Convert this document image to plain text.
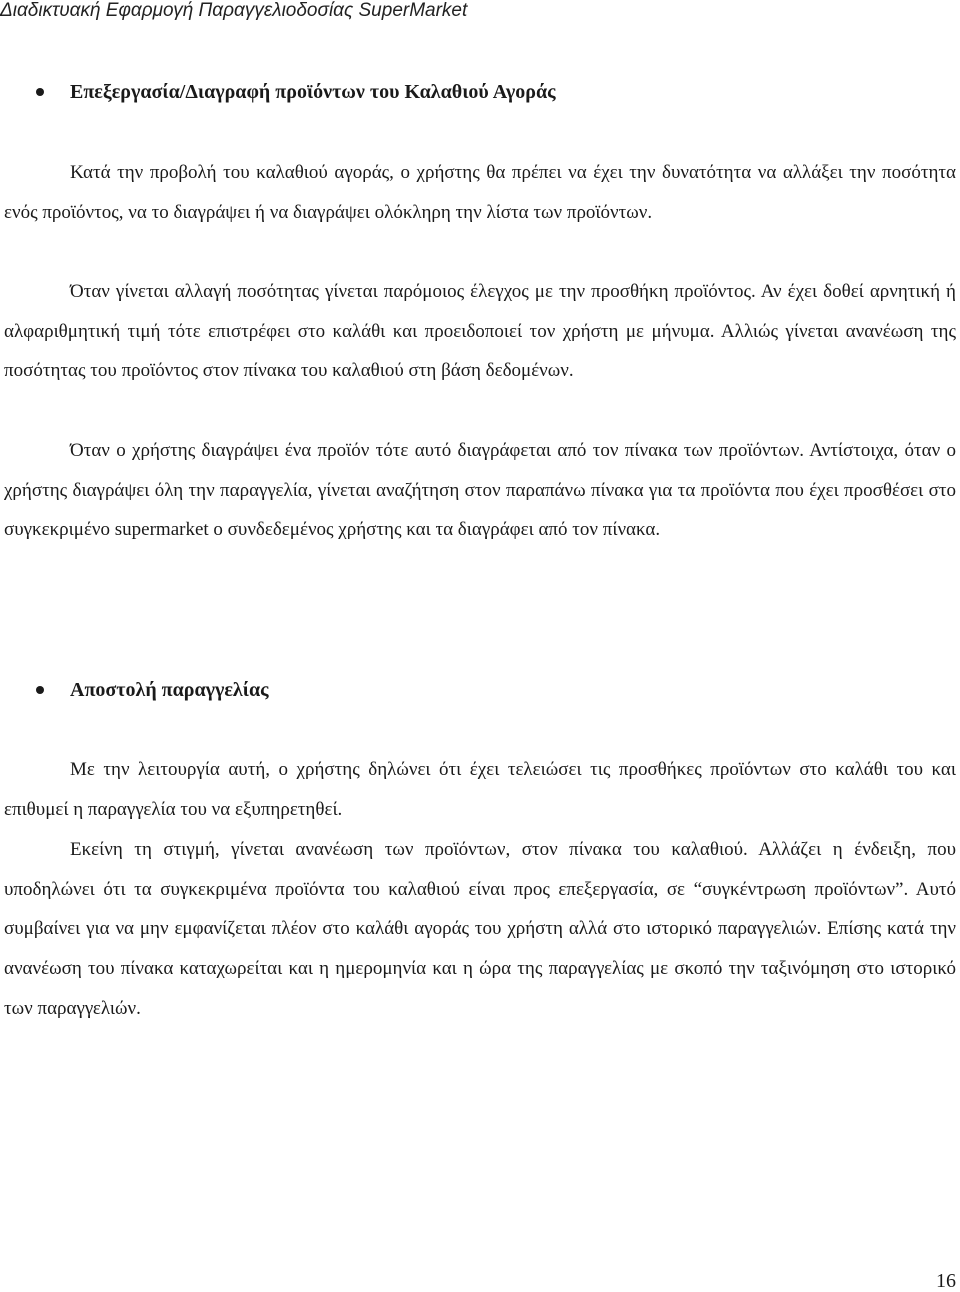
Διαδικτυακή Εφαρμογή Παραγγελιοδοσίας SuperMarket
Επεξεργασία/Διαγραφή προϊόντων του Καλαθιού Αγοράς

Κατά την προβολή του καλαθιού αγοράς, ο χρήστης θα πρέπει να έχει την δυνατότητα να αλλάξει την ποσότητα ενός προϊόντος, να το διαγράψει ή να διαγράψει ολόκληρη την λίστα των προϊόντων.

Όταν γίνεται αλλαγή ποσότητας γίνεται παρόμοιος έλεγχος με την προσθήκη προϊόντος. Αν έχει δοθεί αρνητική ή αλφαριθμητική τιμή τότε επιστρέφει στο καλάθι και προειδοποιεί τον χρήστη με μήνυμα. Αλλιώς γίνεται ανανέωση της ποσότητας του προϊόντος στον πίνακα του καλαθιού στη βάση δεδομένων.

Όταν ο χρήστης διαγράψει ένα προϊόν τότε αυτό διαγράφεται από τον πίνακα των προϊόντων. Αντίστοιχα, όταν ο χρήστης διαγράψει όλη την παραγγελία, γίνεται αναζήτηση στον παραπάνω πίνακα για τα προϊόντα που έχει προσθέσει στο συγκεκριμένο supermarket ο συνδεδεμένος χρήστης και τα διαγράφει από τον πίνακα.

Αποστολή παραγγελίας

Με την λειτουργία αυτή, ο χρήστης δηλώνει ότι έχει τελειώσει τις προσθήκες προϊόντων στο καλάθι του και επιθυμεί η παραγγελία του να εξυπηρετηθεί.

Εκείνη τη στιγμή, γίνεται ανανέωση των προϊόντων, στον πίνακα του καλαθιού. Αλλάζει η ένδειξη, που υποδηλώνει ότι τα συγκεκριμένα προϊόντα του καλαθιού είναι προς επεξεργασία, σε “συγκέντρωση προϊόντων”. Αυτό συμβαίνει για να μην εμφανίζεται πλέον στο καλάθι αγοράς του χρήστη αλλά στο ιστορικό παραγγελιών. Επίσης κατά την ανανέωση του πίνακα καταχωρείται και η ημερομηνία και η ώρα της παραγγελίας με σκοπό την ταξινόμηση στο ιστορικό των παραγγελιών.

16
